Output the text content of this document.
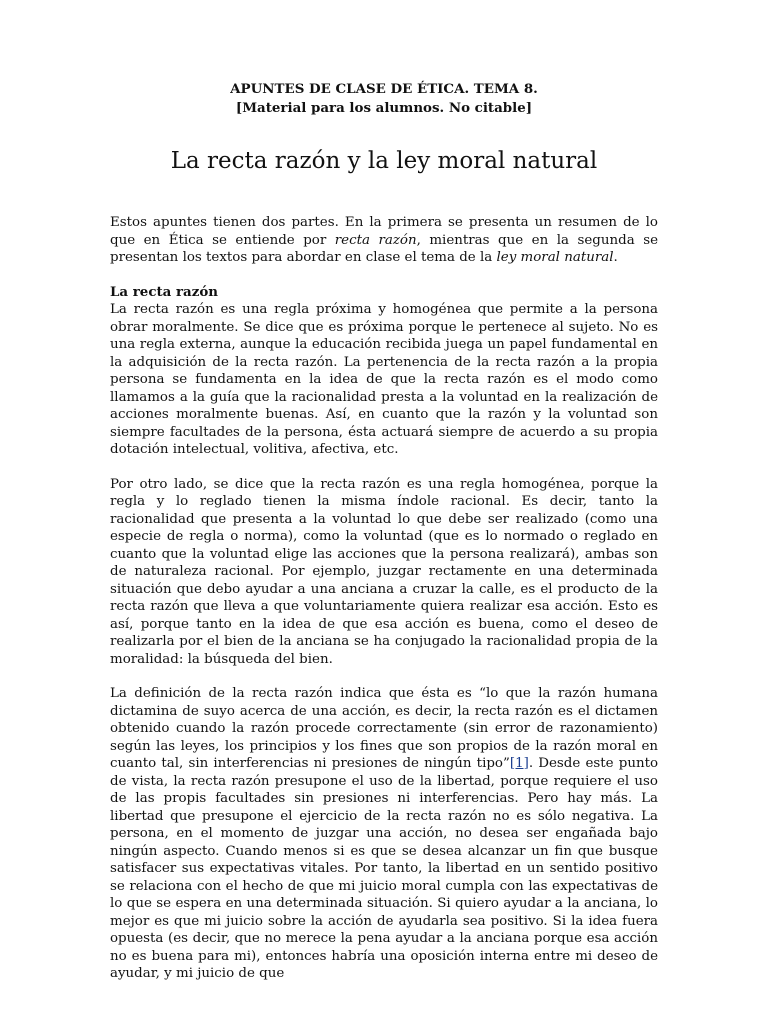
APUNTES DE CLASE DE ÉTICA. TEMA 8.
[Material para los alumnos. No citable]
La recta razón y la ley moral natural

Estos apuntes tienen dos partes. En la primera se presenta un resumen de lo que en Ética se entiende por recta razón, mientras que en la segunda se presentan los textos para abordar en clase el tema de la ley moral natural.

La recta razón

La recta razón es una regla próxima y homogénea que permite a la persona obrar moralmente. Se dice que es próxima porque le pertenece al sujeto. No es una regla externa, aunque la educación recibida juega un papel fundamental en la adquisición de la recta razón. La pertenencia de la recta razón a la propia persona se fundamenta en la idea de que la recta razón es el modo como llamamos a la guía que la racionalidad presta a la voluntad en la realización de acciones moralmente buenas. Así, en cuanto que la razón y la voluntad son siempre facultades de la persona, ésta actuará siempre de acuerdo a su propia dotación intelectual, volitiva, afectiva, etc.

Por otro lado, se dice que la recta razón es una regla homogénea, porque la regla y lo reglado tienen la misma índole racional. Es decir, tanto la racionalidad que presenta a la voluntad lo que debe ser realizado (como una especie de regla o norma), como la voluntad (que es lo normado o reglado en cuanto que la voluntad elige las acciones que la persona realizará), ambas son de naturaleza racional. Por ejemplo, juzgar rectamente en una determinada situación que debo ayudar a una anciana a cruzar la calle, es el producto de la recta razón que lleva a que voluntariamente quiera realizar esa acción. Esto es así, porque tanto en la idea de que esa acción es buena, como el deseo de realizarla por el bien de la anciana se ha conjugado la racionalidad propia de la moralidad: la búsqueda del bien.

La definición de la recta razón indica que ésta es “lo que la razón humana dictamina de suyo acerca de una acción, es decir, la recta razón es el dictamen obtenido cuando la razón procede correctamente (sin error de razonamiento) según las leyes, los principios y los fines que son propios de la razón moral en cuanto tal, sin interferencias ni presiones de ningún tipo”[1]. Desde este punto de vista, la recta razón presupone el uso de la libertad, porque requiere el uso de las propis facultades sin presiones ni interferencias. Pero hay más. La libertad que presupone el ejercicio de la recta razón no es sólo negativa. La persona, en el momento de juzgar una acción, no desea ser engañada bajo ningún aspecto. Cuando menos si es que se desea alcanzar un fin que busque satisfacer sus expectativas vitales. Por tanto, la libertad en un sentido positivo se relaciona con el hecho de que mi juicio moral cumpla con las expectativas de lo que se espera en una determinada situación. Si quiero ayudar a la anciana, lo mejor es que mi juicio sobre la acción de ayudarla sea positivo. Si la idea fuera opuesta (es decir, que no merece la pena ayudar a la anciana porque esa acción no es buena para mi), entonces habría una oposición interna entre mi deseo de ayudar, y mi juicio de que
